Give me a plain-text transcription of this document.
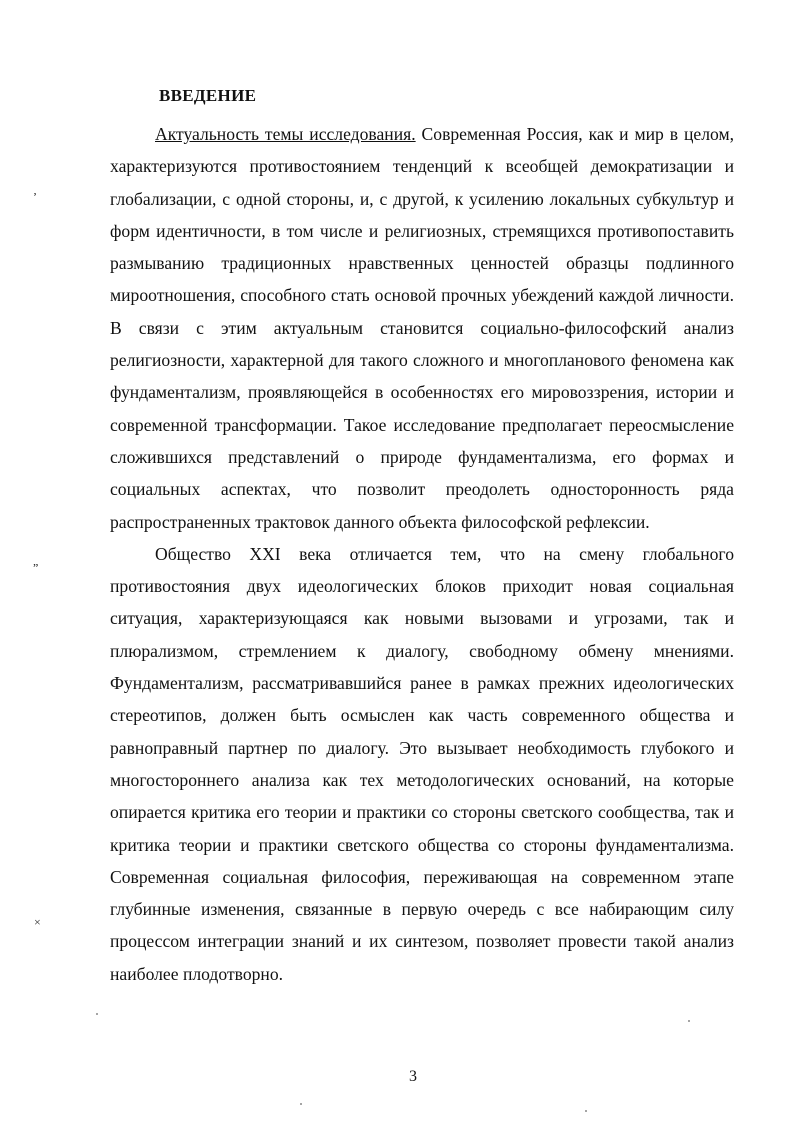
ВВЕДЕНИЕ

Актуальность темы исследования. Современная Россия, как и мир в целом, характеризуются противостоянием тенденций к всеобщей демократизации и глобализации, с одной стороны, и, с другой, к усилению локальных субкультур и форм идентичности, в том числе и религиозных, стремящихся противопоставить размыванию традиционных нравственных ценностей образцы подлинного мироотношения, способного стать основой прочных убеждений каждой личности. В связи с этим актуальным становится социально-философский анализ религиозности, характерной для такого сложного и многопланового феномена как фундаментализм, проявляющейся в особенностях его мировоззрения, истории и современной трансформации. Такое исследование предполагает переосмысление сложившихся представлений о природе фундаментализма, его формах и социальных аспектах, что позволит преодолеть односторонность ряда распространенных трактовок данного объекта философской рефлексии.

Общество XXI века отличается тем, что на смену глобального противостояния двух идеологических блоков приходит новая социальная ситуация, характеризующаяся как новыми вызовами и угрозами, так и плюрализмом, стремлением к диалогу, свободному обмену мнениями. Фундаментализм, рассматривавшийся ранее в рамках прежних идеологических стереотипов, должен быть осмыслен как часть современного общества и равноправный партнер по диалогу. Это вызывает необходимость глубокого и многостороннего анализа как тех методологических оснований, на которые опирается критика его теории и практики со стороны светского сообщества, так и критика теории и практики светского общества со стороны фундаментализма. Современная социальная философия, переживающая на современном этапе глубинные изменения, связанные в первую очередь с все набирающим силу процессом интеграции знаний и их синтезом, позволяет провести такой анализ наиболее плодотворно.

3
‚
„
×
